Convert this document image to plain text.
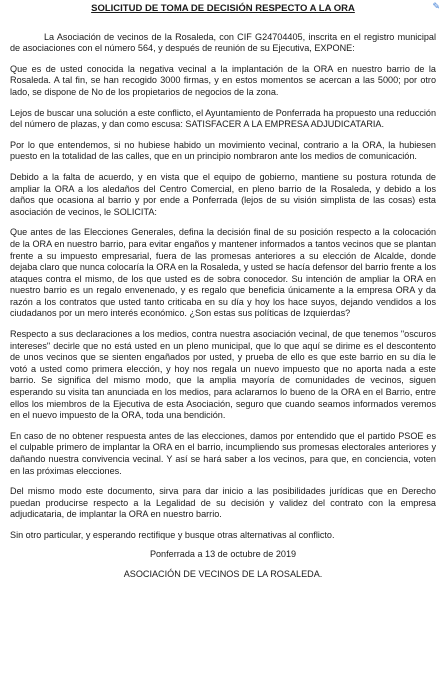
✎
SOLICITUD DE TOMA DE DECISIÓN RESPECTO A LA ORA

La Asociación de vecinos de la Rosaleda, con CIF G24704405, inscrita en el registro municipal de asociaciones con el número 564, y después de reunión de su Ejecutiva, EXPONE:

Que es de usted conocida la negativa vecinal a la implantación de la ORA en nuestro barrio de la Rosaleda. A tal fin, se han recogido 3000 firmas, y en estos momentos se acercan a las 5000; por otro lado, se dispone de No de los propietarios de negocios de la zona.

Lejos de buscar una solución a este conflicto, el Ayuntamiento de Ponferrada ha propuesto una reducción del número de plazas, y dan como escusa: SATISFACER A LA EMPRESA ADJUDICATARIA.

Por lo que entendemos, si no hubiese habido un movimiento vecinal, contrario a la ORA, la hubiesen puesto en la totalidad de las calles, que en un principio nombraron ante los medios de comunicación.

Debido a la falta de acuerdo, y en vista que el equipo de gobierno, mantiene su postura rotunda de ampliar la ORA a los aledaños del Centro Comercial, en pleno barrio de la Rosaleda, y debido a los daños que ocasiona al barrio y por ende a Ponferrada (lejos de su visión simplista de las cosas) esta asociación de vecinos, le SOLICITA:

Que antes de las Elecciones Generales, defina la decisión final de su posición respecto a la colocación de la ORA en nuestro barrio, para evitar engaños y mantener informados a tantos vecinos que se plantan frente a su impuesto empresarial, fuera de las promesas anteriores a su elección de Alcalde, donde dejaba claro que nunca colocaría la ORA en la Rosaleda, y usted se hacía defensor del barrio frente a los ataques contra el mismo, de los que usted es de sobra conocedor. Su intención de ampliar la ORA en nuestro barrio es un regalo envenenado, y es regalo que beneficia únicamente a la empresa ORA y da razón a los contratos que usted tanto criticaba en su día y hoy los hace suyos, dejando vendidos a los ciudadanos por un mero interés económico. ¿Son estas sus políticas de Izquierdas?

Respecto a sus declaraciones a los medios, contra nuestra asociación vecinal, de que tenemos "oscuros intereses" decirle que no está usted en un pleno municipal, que lo que aquí se dirime es el descontento de unos vecinos que se sienten engañados por usted, y prueba de ello es que este barrio en su día le votó a usted como primera elección, y hoy nos regala un nuevo impuesto que no aporta nada a este barrio. Se significa del mismo modo, que la amplia mayoría de comunidades de vecinos, siguen esperando su visita tan anunciada en los medios, para aclararnos lo bueno de la ORA en el Barrio, entre ellos los miembros de la Ejecutiva de esta Asociación, seguro que cuando seamos informados veremos en el nuevo impuesto de la ORA, toda una bendición.

En caso de no obtener respuesta antes de las elecciones, damos por entendido que el partido PSOE es el culpable primero de implantar la ORA en el barrio, incumpliendo sus promesas electorales anteriores y dañando nuestra convivencia vecinal. Y así se hará saber a los vecinos, para que, en conciencia, voten en las próximas elecciones.

Del mismo modo este documento, sirva para dar inicio a las posibilidades jurídicas que en Derecho puedan producirse respecto a la Legalidad de su decisión y validez del contrato con la empresa adjudicataria, de implantar la ORA en nuestro barrio.

Sin otro particular, y esperando rectifique y busque otras alternativas al conflicto.

Ponferrada a 13 de octubre de 2019
ASOCIACIÓN DE VECINOS DE LA ROSALEDA.
